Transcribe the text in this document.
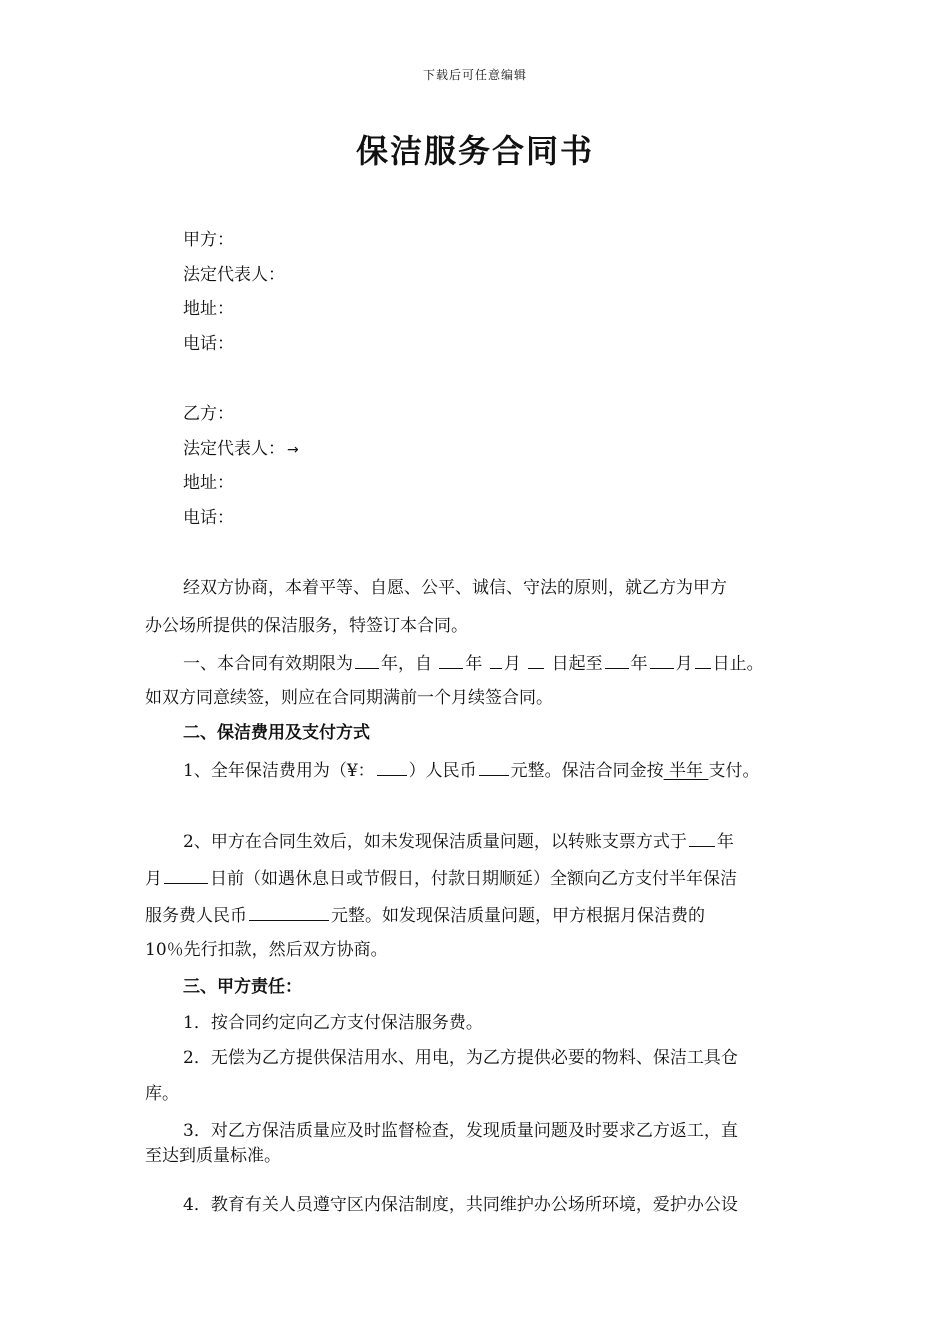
下载后可任意编辑
保洁服务合同书
甲方：
法定代表人：
地址：
电话：
乙方：
法定代表人： →
地址：
电话：
经双方协商，本着平等、自愿、公平、诚信、守法的原则，就乙方为甲方
办公场所提供的保洁服务，特签订本合同。
一、本合同有效期限为 年，自 年 月  日起至 年 月 日止。
如双方同意续签，则应在合同期满前一个月续签合同。
二、保洁费用及支付方式
1、全年保洁费用为（¥： ）人民币 元整。保洁合同金按 半年 支付。
2、甲方在合同生效后，如未发现保洁质量问题，以转账支票方式于 年
月	日前（如遇休息日或节假日，付款日期顺延）全额向乙方支付半年保洁
服务费人民币	元整。如发现保洁质量问题，甲方根据月保洁费的
10％先行扣款，然后双方协商。
三、甲方责任：
1．按合同约定向乙方支付保洁服务费。
2．无偿为乙方提供保洁用水、用电，为乙方提供必要的物料、保洁工具仓
库。
3．对乙方保洁质量应及时监督检查，发现质量问题及时要求乙方返工，直
至达到质量标准。
4．教育有关人员遵守区内保洁制度，共同维护办公场所环境，爱护办公设
